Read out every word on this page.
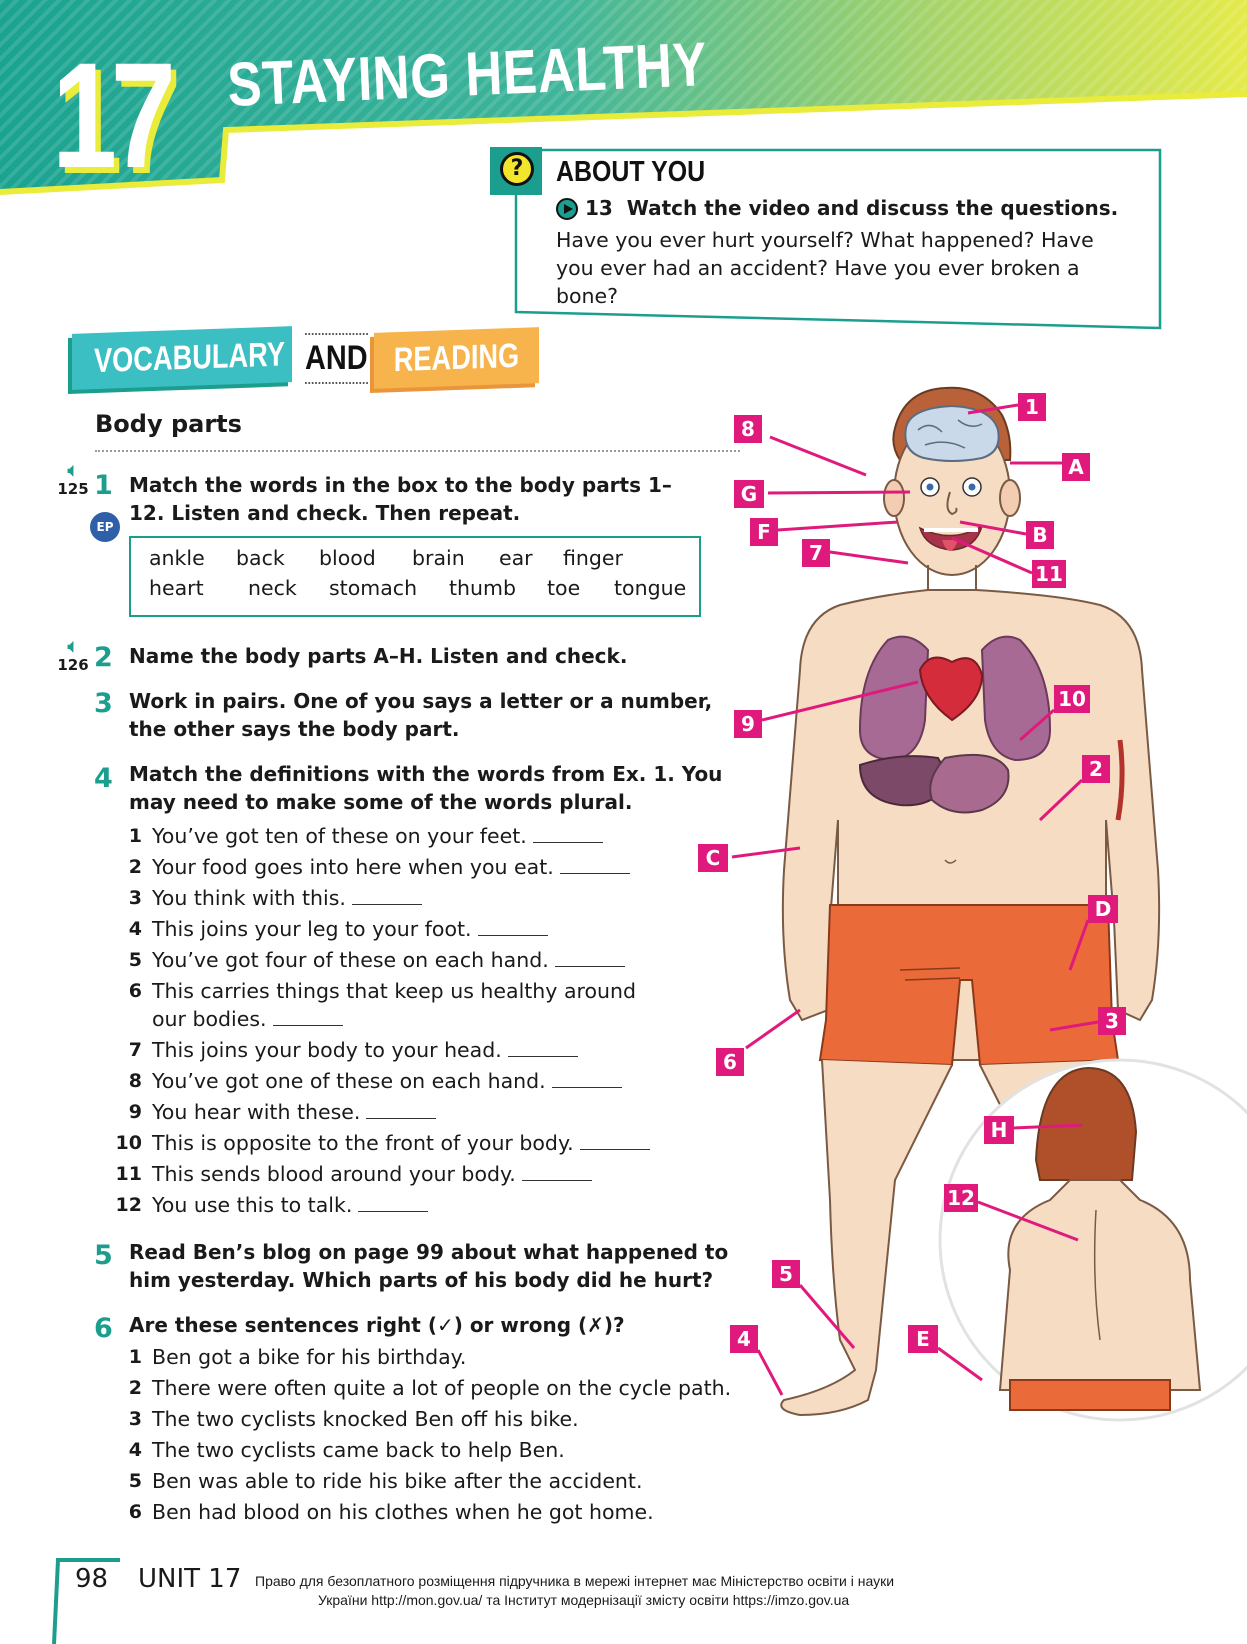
17 STAYING HEALTHY
?	ABOUT YOU
13 Watch the video and discuss the questions.
Have you ever hurt yourself? What happened? Have you ever had an accident? Have you ever broken a bone?
VOCABULARY AND READING
Body parts
🔈︎
125 1
EP
Match the words in the box to the body parts 1–12. Listen and check. Then repeat.
ankle back blood brain ear finger
heart neck stomach thumb toe tongue
🔈︎
126 2 Name the body parts A–H. Listen and check.
3 Work in pairs. One of you says a letter or a number, the other says the body part.
4 Match the definitions with the words from Ex. 1. You may need to make some of the words plural.
1 You’ve got ten of these on your feet.
2 Your food goes into here when you eat.
3 You think with this.
4 This joins your leg to your foot.
5 You’ve got four of these on each hand.
6 This carries things that keep us healthy around
our bodies.
7 This joins your body to your head.
8 You’ve got one of these on each hand.
9 You hear with these.
10 This is opposite to the front of your body.
11 This sends blood around your body.
12 You use this to talk.
5 Read Ben’s blog on page 99 about what happened to him yesterday. Which parts of his body did he hurt?
6 Are these sentences right (✓) or wrong (✗)?
1 Ben got a bike for his birthday.
2 There were often quite a lot of people on the cycle path.
3 The two cyclists knocked Ben off his bike.
4 The two cyclists came back to help Ben.
5 Ben was able to ride his bike after the accident.
6 Ben had blood on his clothes when he got home.
1
A
8
G
F	B
7
11
9
10
2
C
D
3
6
H
12
5
4	E
98 UNIT 17 Право для безоплатного розміщення підручника в мережі інтернет має Міністерство освіти і науки
України http://mon.gov.ua/ та Інститут модернізації змісту освіти https://imzo.gov.ua
